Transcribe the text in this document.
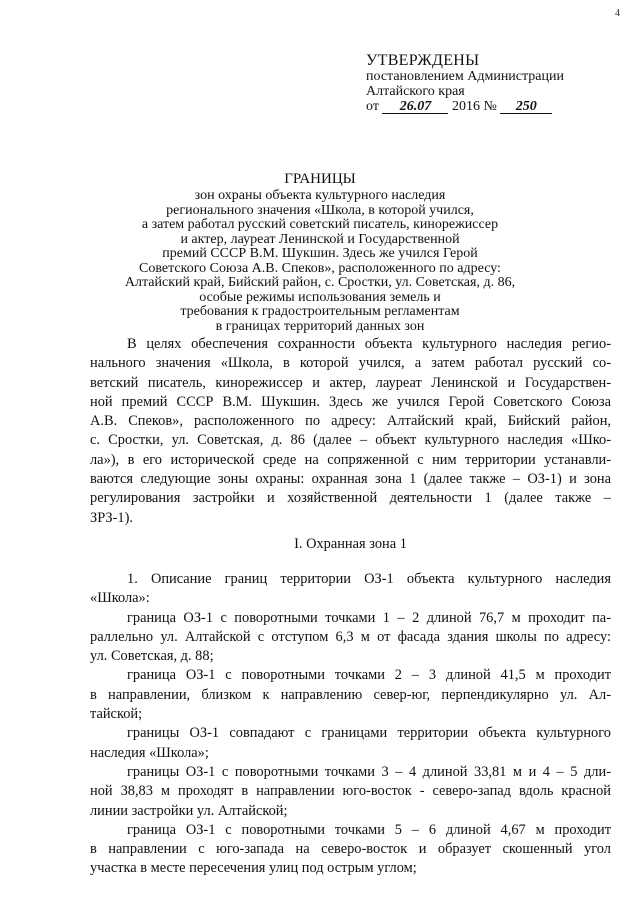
4
УТВЕРЖДЕНЫ
постановлением Администрации
Алтайского края
от 26.07 2016 № 250
ГРАНИЦЫ
зон охраны объекта культурного наследия
регионального значения «Школа, в которой учился,
а затем работал русский советский писатель, кинорежиссер
и актер, лауреат Ленинской и Государственной
премий СССР В.М. Шукшин. Здесь же учился Герой
Советского Союза А.В. Спеков», расположенного по адресу:
Алтайский край, Бийский район, с. Сростки, ул. Советская, д. 86,
особые режимы использования земель и
требования к градостроительным регламентам
в границах территорий данных зон
В целях обеспечения сохранности объекта культурного наследия регио-
нального значения «Школа, в которой учился, а затем работал русский со-
ветский писатель, кинорежиссер и актер, лауреат Ленинской и Государствен-
ной премий СССР В.М. Шукшин. Здесь же учился Герой Советского Союза
А.В. Спеков», расположенного по адресу: Алтайский край, Бийский район,
с. Сростки, ул. Советская, д. 86 (далее – объект культурного наследия «Шко-
ла»), в его исторической среде на сопряженной с ним территории устанавли-
ваются следующие зоны охраны: охранная зона 1 (далее также – ОЗ-1) и зона
регулирования застройки и хозяйственной деятельности 1 (далее также –
ЗРЗ-1).
I. Охранная зона 1
1. Описание границ территории ОЗ-1 объекта культурного наследия
«Школа»:
граница ОЗ-1 с поворотными точками 1 – 2 длиной 76,7 м проходит па-
раллельно ул. Алтайской с отступом 6,3 м от фасада здания школы по адресу:
ул. Советская, д. 88;
граница ОЗ-1 с поворотными точками 2 – 3 длиной 41,5 м проходит
в направлении, близком к направлению север-юг, перпендикулярно ул. Ал-
тайской;
границы ОЗ-1 совпадают с границами территории объекта культурного
наследия «Школа»;
границы ОЗ-1 с поворотными точками 3 – 4 длиной 33,81 м и 4 – 5 дли-
ной 38,83 м проходят в направлении юго-восток - северо-запад вдоль красной
линии застройки ул. Алтайской;
граница ОЗ-1 с поворотными точками 5 – 6 длиной 4,67 м проходит
в направлении с юго-запада на северо-восток и образует скошенный угол
участка в месте пересечения улиц под острым углом;
